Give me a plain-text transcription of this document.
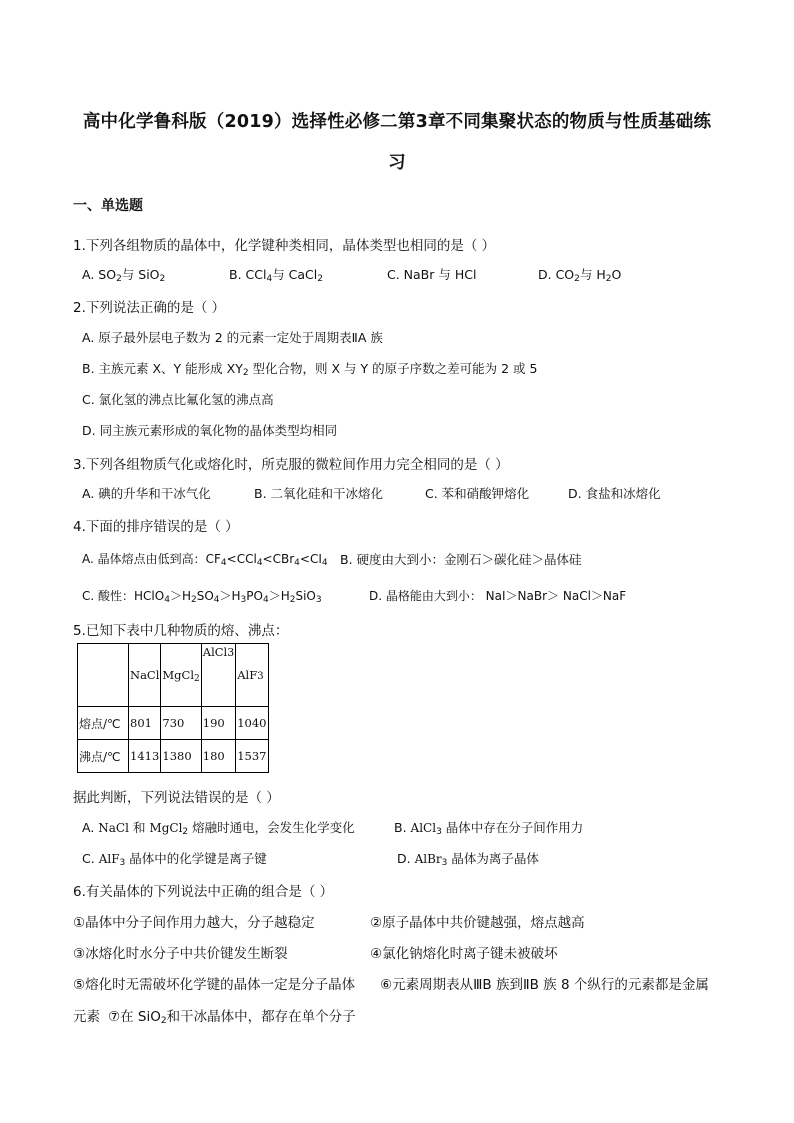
高中化学鲁科版（2019）选择性必修二第3章不同集聚状态的物质与性质基础练
习
一、单选题
1.下列各组物质的晶体中，化学键种类相同，晶体类型也相同的是（ ）
A. $SO_2$与 SiO$_2$	B. CCl$_4$与 CaCl$_2$	C. NaBr 与 HCl	D. $CO_2$与 $H_2O$
2.下列说法正确的是（ ）
A. 原子最外层电子数为 2 的元素一定处于周期表ⅡA 族
B. 主族元素 X、Y 能形成 $XY_2$ 型化合物，则 X 与 Y 的原子序数之差可能为 2 或 5
C. 氯化氢的沸点比氟化氢的沸点高
D. 同主族元素形成的氧化物的晶体类型均相同
3.下列各组物质气化或熔化时，所克服的微粒间作用力完全相同的是（ ）
A. 碘的升华和干冰气化	B. 二氧化硅和干冰熔化	C. 苯和硝酸钾熔化	D. 食盐和冰熔化
4.下面的排序错误的是（ ）
A. 晶体熔点由低到高：$CF_4<CCl_4<CBr_4<CI_4$ B. 硬度由大到小：金刚石＞碳化硅＞晶体硅
C. 酸性：$HClO_4>H_2SO_4>H_3PO_4>H_2SiO_3$	D. 晶格能由大到小： NaI＞NaBr＞ NaCl＞NaF
5.已知下表中几种物质的熔、沸点：
	NaCl	MgCl$_2$	AlCl3	AlF3
熔点/℃	801	730	190	1040
沸点/℃	1413	1380	180	1537
据此判断，下列说法错误的是（ ）
A. NaCl 和 MgCl$_2$ 熔融时通电，会发生化学变化	B. AlCl$_3$ 晶体中存在分子间作用力
C. AlF$_3$ 晶体中的化学键是离子键	D. AlBr$_3$ 晶体为离子晶体
6.有关晶体的下列说法中正确的组合是（ ）
①晶体中分子间作用力越大，分子越稳定	②原子晶体中共价键越强，熔点越高
③冰熔化时水分子中共价键发生断裂	④氯化钠熔化时离子键未被破坏
⑤熔化时无需破坏化学键的晶体一定是分子晶体 ⑥元素周期表从ⅢB 族到ⅡB 族 8 个纵行的元素都是金属
元素 ⑦在 SiO$_2$和干冰晶体中，都存在单个分子
